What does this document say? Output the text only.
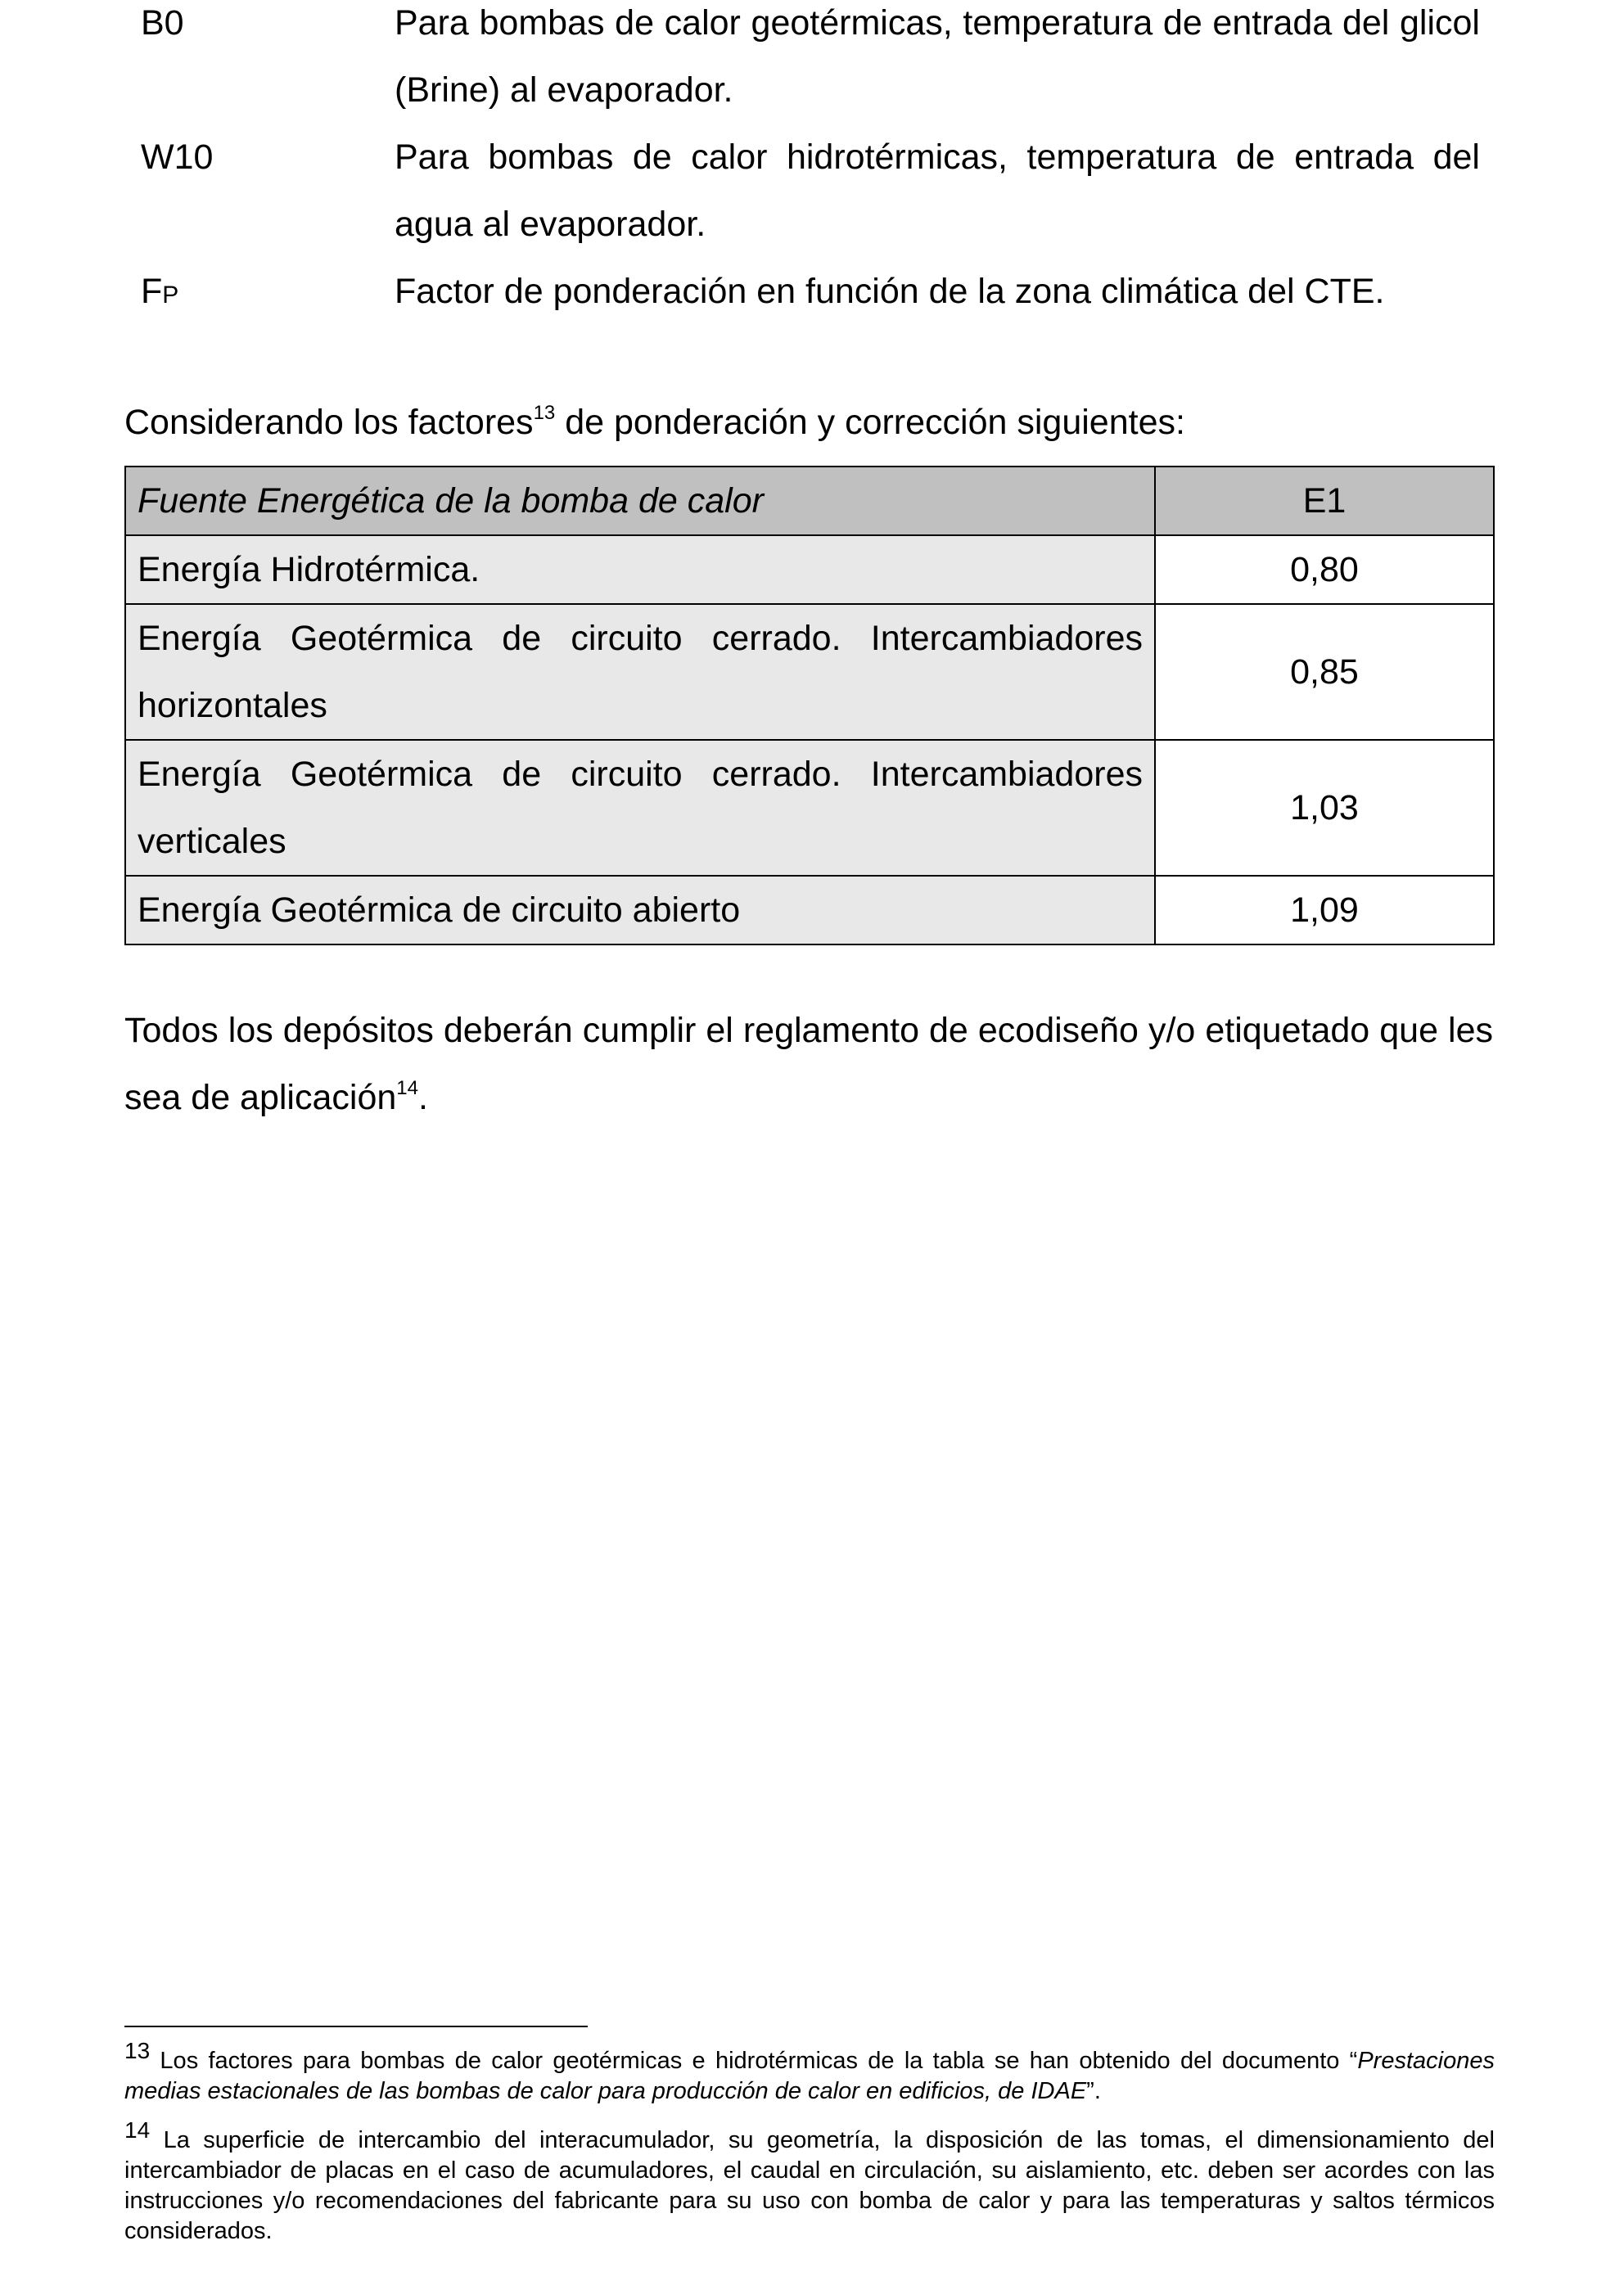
B0	Para bombas de calor geotérmicas, temperatura de entrada del glicol (Brine) al evaporador.
W10	Para bombas de calor hidrotérmicas, temperatura de entrada del agua al evaporador.
FP	Factor de ponderación en función de la zona climática del CTE.

Considerando los factores$^{13}$ de ponderación y corrección siguientes:

Fuente Energética de la bomba de calor	E1
Energía Hidrotérmica.	0,80
Energía Geotérmica de circuito cerrado. Intercambiadores horizontales	0,85
Energía Geotérmica de circuito cerrado. Intercambiadores verticales	1,03
Energía Geotérmica de circuito abierto	1,09

Todos los depósitos deberán cumplir el reglamento de ecodiseño y/o etiquetado que les sea de aplicación$^{14}$.

13 Los factores para bombas de calor geotérmicas e hidrotérmicas de la tabla se han obtenido del documento “Prestaciones medias estacionales de las bombas de calor para producción de calor en edificios, de IDAE”.
14 La superficie de intercambio del interacumulador, su geometría, la disposición de las tomas, el dimensionamiento del intercambiador de placas en el caso de acumuladores, el caudal en circulación, su aislamiento, etc. deben ser acordes con las instrucciones y/o recomendaciones del fabricante para su uso con bomba de calor y para las temperaturas y saltos térmicos considerados.
